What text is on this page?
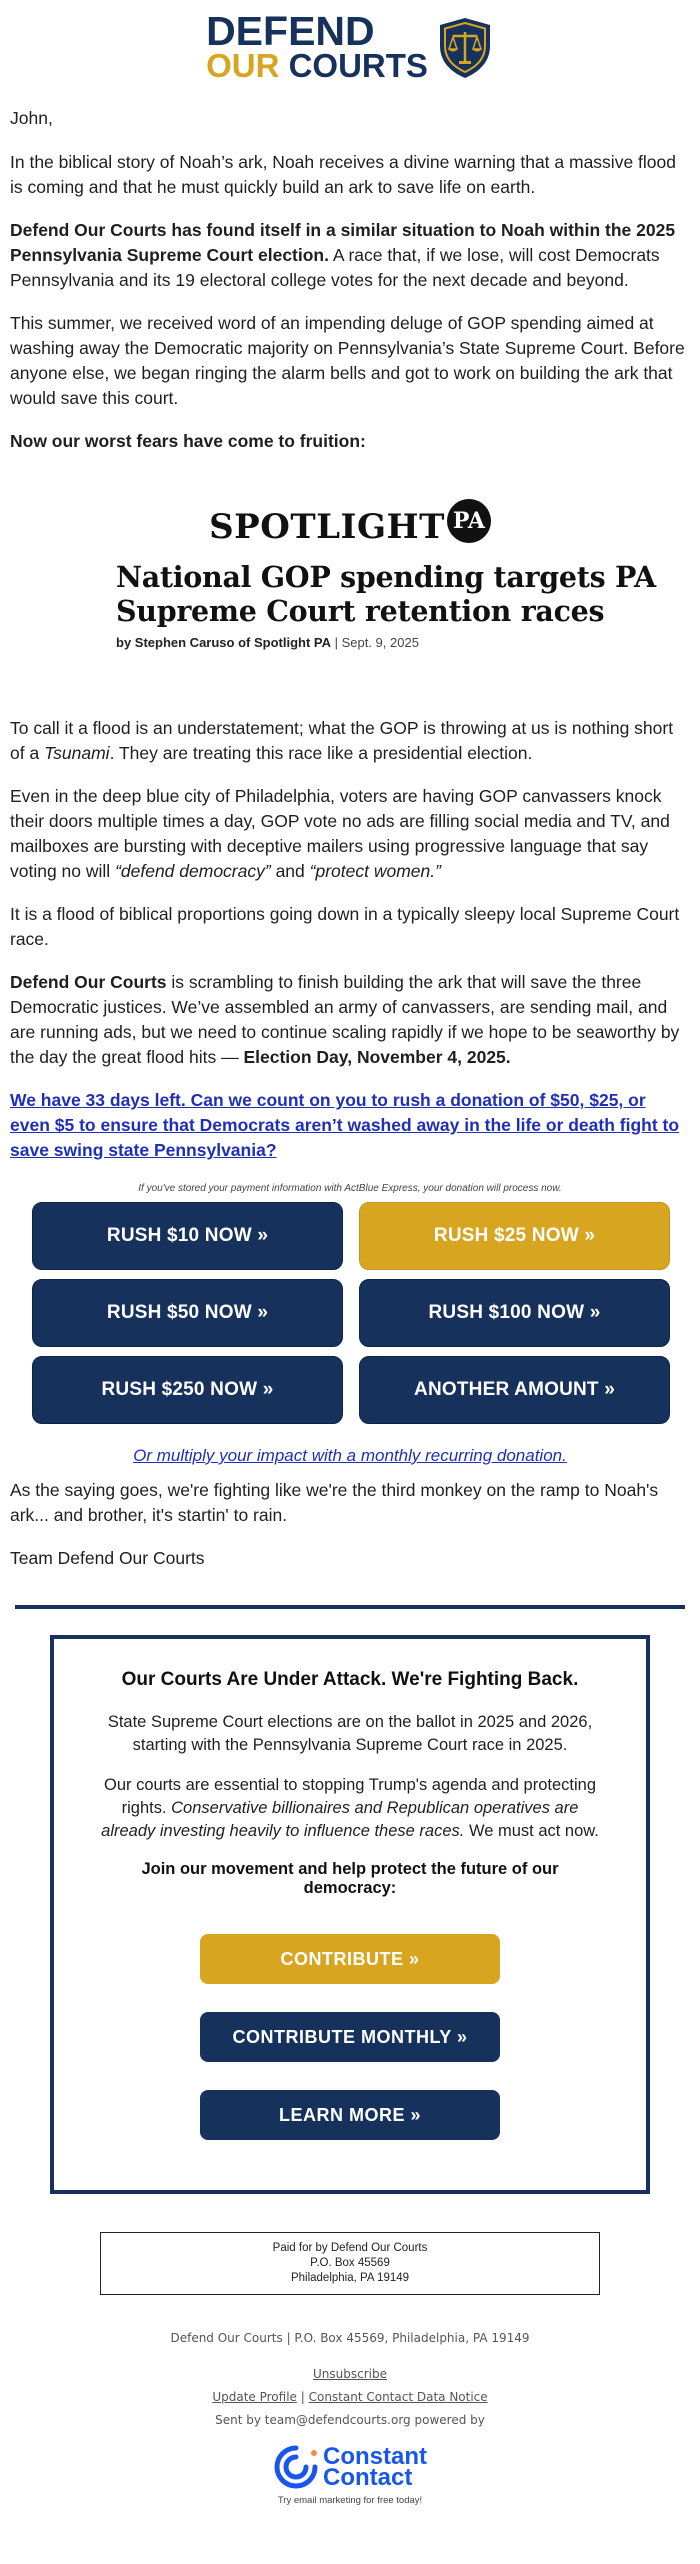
DEFEND
OUR COURTS

John,

In the biblical story of Noah’s ark, Noah receives a divine warning that a massive flood is coming and that he must quickly build an ark to save life on earth.

Defend Our Courts has found itself in a similar situation to Noah within the 2025 Pennsylvania Supreme Court election. A race that, if we lose, will cost Democrats Pennsylvania and its 19 electoral college votes for the next decade and beyond.

This summer, we received word of an impending deluge of GOP spending aimed at washing away the Democratic majority on Pennsylvania’s State Supreme Court. Before anyone else, we began ringing the alarm bells and got to work on building the ark that would save this court.

Now our worst fears have come to fruition:

SPOTLIGHT PA
National GOP spending targets PA Supreme Court retention races
by Stephen Caruso of Spotlight PA | Sept. 9, 2025

To call it a flood is an understatement; what the GOP is throwing at us is nothing short of a Tsunami. They are treating this race like a presidential election.

Even in the deep blue city of Philadelphia, voters are having GOP canvassers knock their doors multiple times a day, GOP vote no ads are filling social media and TV, and mailboxes are bursting with deceptive mailers using progressive language that say voting no will “defend democracy” and “protect women.”

It is a flood of biblical proportions going down in a typically sleepy local Supreme Court race.

Defend Our Courts is scrambling to finish building the ark that will save the three Democratic justices. We’ve assembled an army of canvassers, are sending mail, and are running ads, but we need to continue scaling rapidly if we hope to be seaworthy by the day the great flood hits — Election Day, November 4, 2025.

We have 33 days left. Can we count on you to rush a donation of $50, $25, or even $5 to ensure that Democrats aren’t washed away in the life or death fight to save swing state Pennsylvania?
If you've stored your payment information with ActBlue Express, your donation will process now.
RUSH $10 NOW »	RUSH $25 NOW »
RUSH $50 NOW »	RUSH $100 NOW »
RUSH $250 NOW »	ANOTHER AMOUNT »
Or multiply your impact with a monthly recurring donation.

As the saying goes, we're fighting like we're the third monkey on the ramp to Noah's ark... and brother, it's startin' to rain.

Team Defend Our Courts

Our Courts Are Under Attack. We're Fighting Back.

State Supreme Court elections are on the ballot in 2025 and 2026, starting with the Pennsylvania Supreme Court race in 2025.

Our courts are essential to stopping Trump's agenda and protecting rights. Conservative billionaires and Republican operatives are already investing heavily to influence these races. We must act now.

Join our movement and help protect the future of our democracy:

CONTRIBUTE »
CONTRIBUTE MONTHLY »
LEARN MORE »
Paid for by Defend Our Courts
P.O. Box 45569
Philadelphia, PA 19149
Defend Our Courts | P.O. Box 45569, Philadelphia, PA 19149
Unsubscribe
Update Profile | Constant Contact Data Notice
Sent by team@defendcourts.org powered by
Constant
Contact
Try email marketing for free today!
